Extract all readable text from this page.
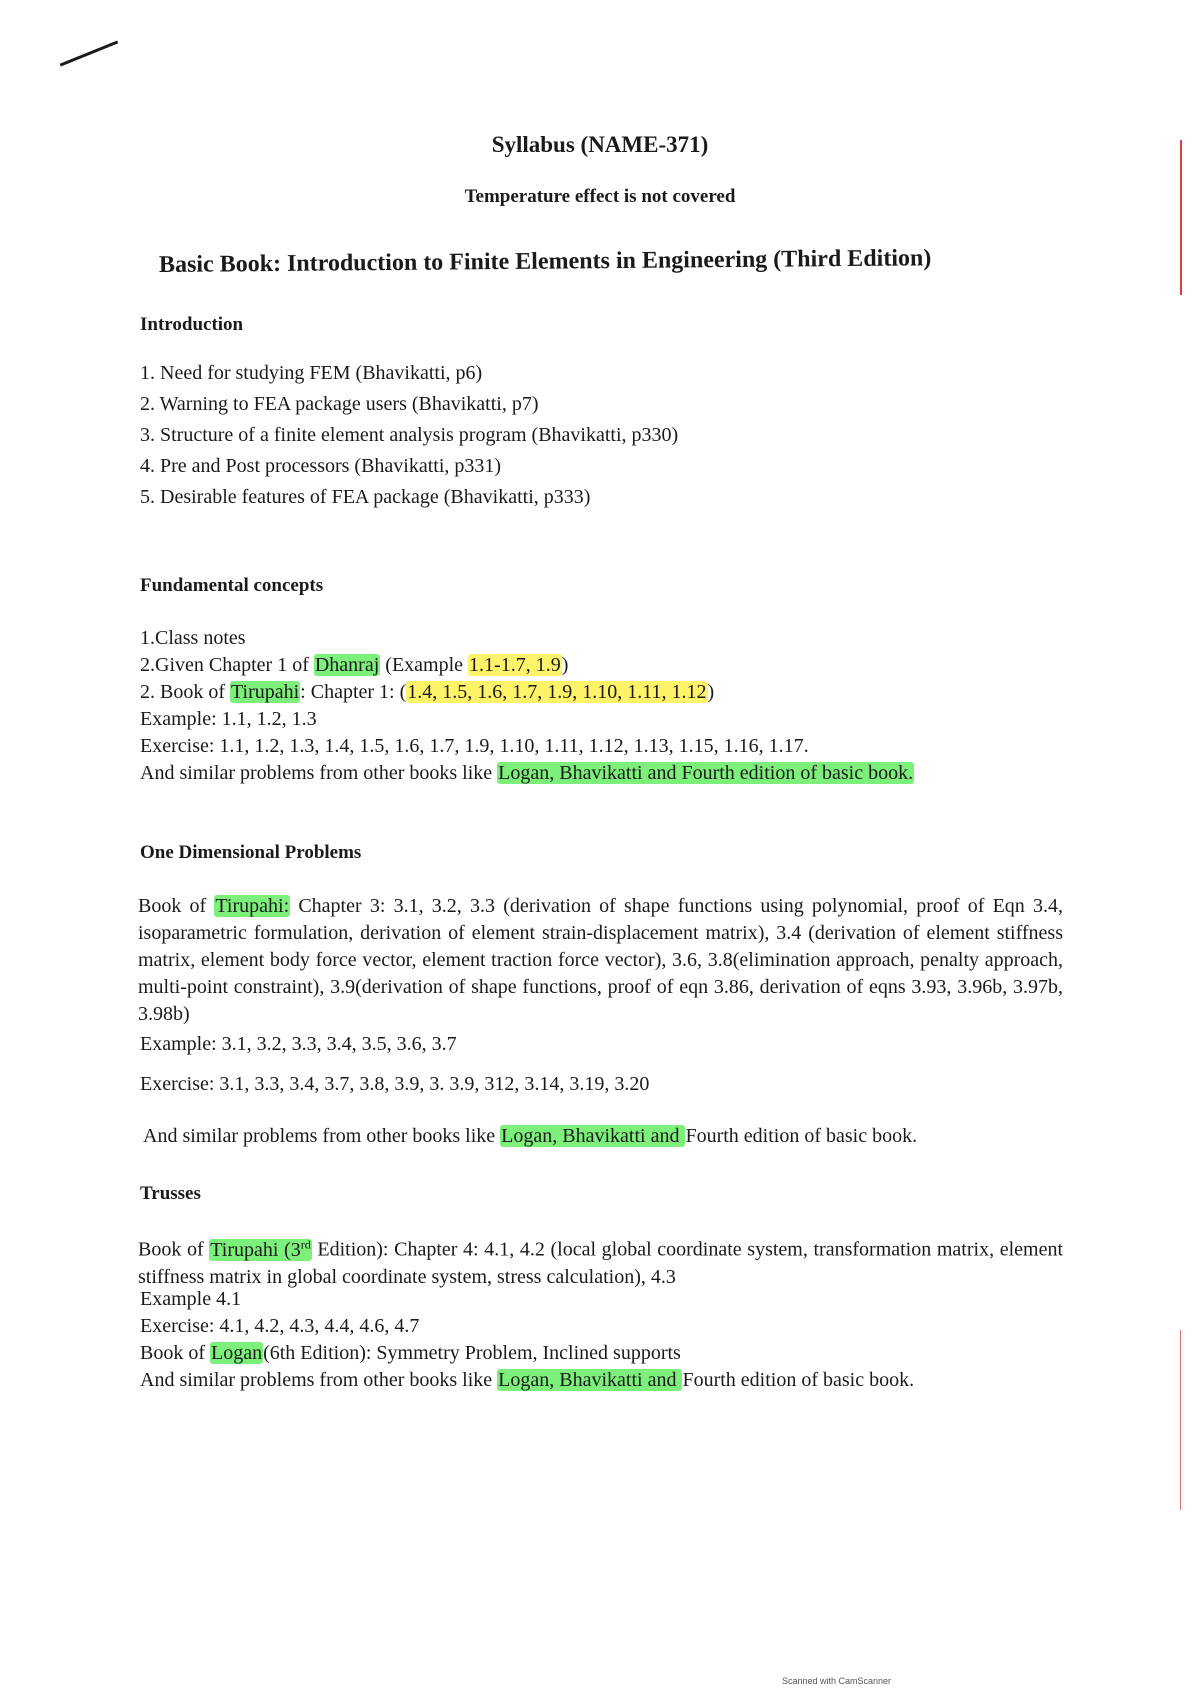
Syllabus (NAME-371)
Temperature effect is not covered
Basic Book: Introduction to Finite Elements in Engineering (Third Edition)
Introduction
1. Need for studying FEM (Bhavikatti, p6)
2. Warning to FEA package users (Bhavikatti, p7)
3. Structure of a finite element analysis program (Bhavikatti, p330)
4. Pre and Post processors (Bhavikatti, p331)
5. Desirable features of FEA package (Bhavikatti, p333)
Fundamental concepts
1.Class notes
2.Given Chapter 1 of Dhanraj (Example 1.1-1.7, 1.9)
2. Book of Tirupahi: Chapter 1: (1.4, 1.5, 1.6, 1.7, 1.9, 1.10, 1.11, 1.12)
Example: 1.1, 1.2, 1.3
Exercise: 1.1, 1.2, 1.3, 1.4, 1.5, 1.6, 1.7, 1.9, 1.10, 1.11, 1.12, 1.13, 1.15, 1.16, 1.17.
And similar problems from other books like Logan, Bhavikatti and Fourth edition of basic book.
One Dimensional Problems
Book of Tirupahi: Chapter 3: 3.1, 3.2, 3.3 (derivation of shape functions using polynomial, proof of Eqn 3.4, isoparametric formulation, derivation of element strain-displacement matrix), 3.4 (derivation of element stiffness matrix, element body force vector, element traction force vector), 3.6, 3.8(elimination approach, penalty approach, multi-point constraint), 3.9(derivation of shape functions, proof of eqn 3.86, derivation of eqns 3.93, 3.96b, 3.97b, 3.98b)
Example: 3.1, 3.2, 3.3, 3.4, 3.5, 3.6, 3.7
Exercise: 3.1, 3.3, 3.4, 3.7, 3.8, 3.9, 3. 3.9, 312, 3.14, 3.19, 3.20
And similar problems from other books like Logan, Bhavikatti and Fourth edition of basic book.
Trusses
Book of Tirupahi (3rd Edition): Chapter 4: 4.1, 4.2 (local global coordinate system, transformation matrix, element stiffness matrix in global coordinate system, stress calculation), 4.3
Example 4.1
Exercise: 4.1, 4.2, 4.3, 4.4, 4.6, 4.7
Book of Logan(6th Edition): Symmetry Problem, Inclined supports
And similar problems from other books like Logan, Bhavikatti and Fourth edition of basic book.
Scanned with CamScanner
